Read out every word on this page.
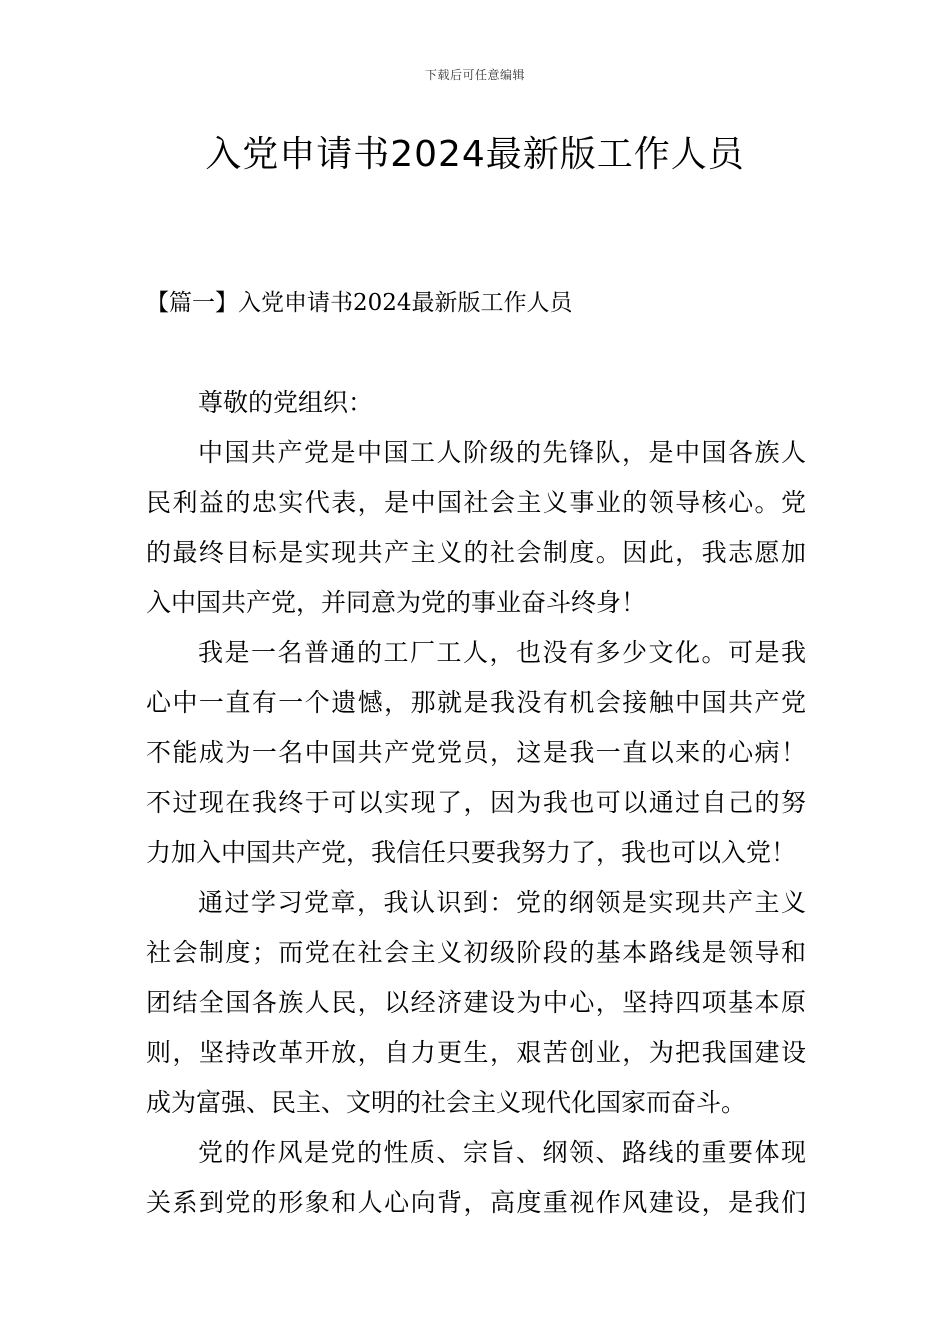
下载后可任意编辑
入党申请书2024最新版工作人员
【篇一】入党申请书2024最新版工作人员
尊敬的党组织：
中国共产党是中国工人阶级的先锋队，是中国各族人
民利益的忠实代表，是中国社会主义事业的领导核心。党
的最终目标是实现共产主义的社会制度。因此，我志愿加
入中国共产党，并同意为党的事业奋斗终身！
我是一名普通的工厂工人，也没有多少文化。可是我
心中一直有一个遗憾，那就是我没有机会接触中国共产党
不能成为一名中国共产党党员，这是我一直以来的心病！
不过现在我终于可以实现了，因为我也可以通过自己的努
力加入中国共产党，我信任只要我努力了，我也可以入党！
通过学习党章，我认识到：党的纲领是实现共产主义
社会制度；而党在社会主义初级阶段的基本路线是领导和
团结全国各族人民，以经济建设为中心，坚持四项基本原
则，坚持改革开放，自力更生，艰苦创业，为把我国建设
成为富强、民主、文明的社会主义现代化国家而奋斗。
党的作风是党的性质、宗旨、纲领、路线的重要体现
关系到党的形象和人心向背，高度重视作风建设，是我们
